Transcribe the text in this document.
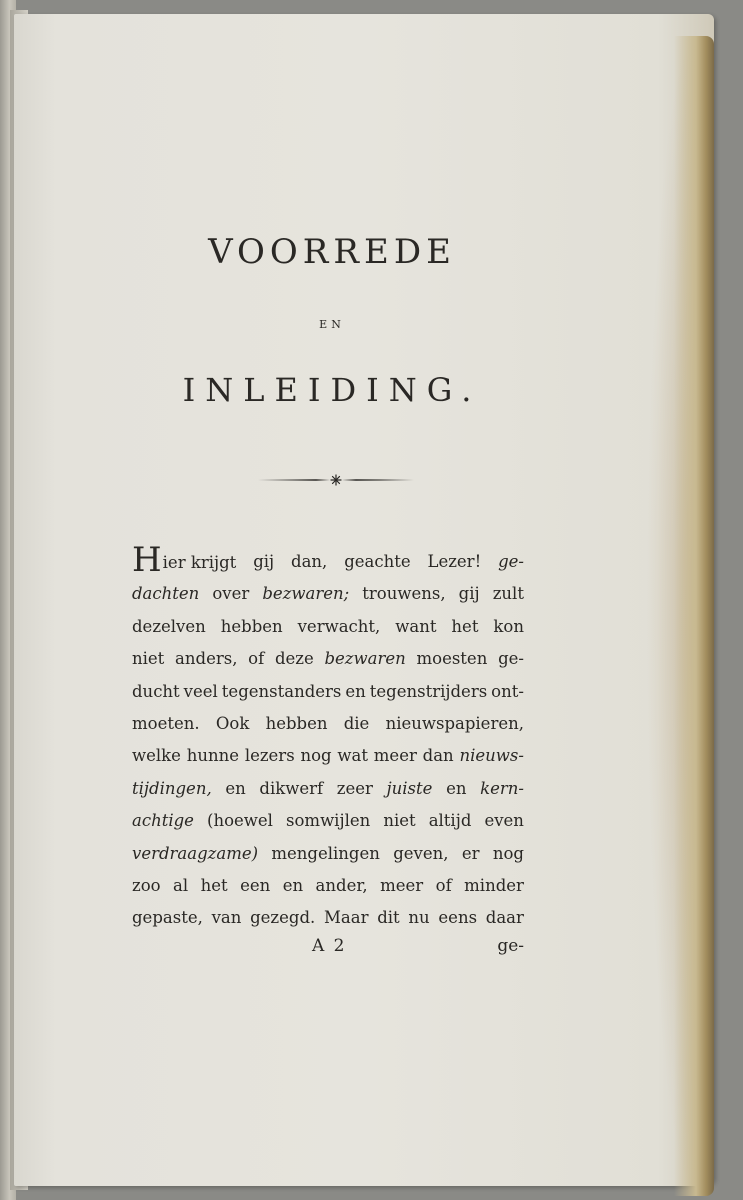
VOORREDE
EN
INLEIDING.
Hier krijgt gij dan, geachte Lezer! ge-
dachten over bezwaren; trouwens, gij zult
dezelven hebben verwacht, want het kon
niet anders, of deze bezwaren moesten ge-
ducht veel tegenstanders en tegenstrijders ont-
moeten. Ook hebben die nieuwspapieren,
welke hunne lezers nog wat meer dan nieuws-
tijdingen, en dikwerf zeer juiste en kern-
achtige (hoewel somwijlen niet altijd even
verdraagzame) mengelingen geven, er nog
zoo al het een en ander, meer of minder
gepaste, van gezegd. Maar dit nu eens daar
A 2	ge-
